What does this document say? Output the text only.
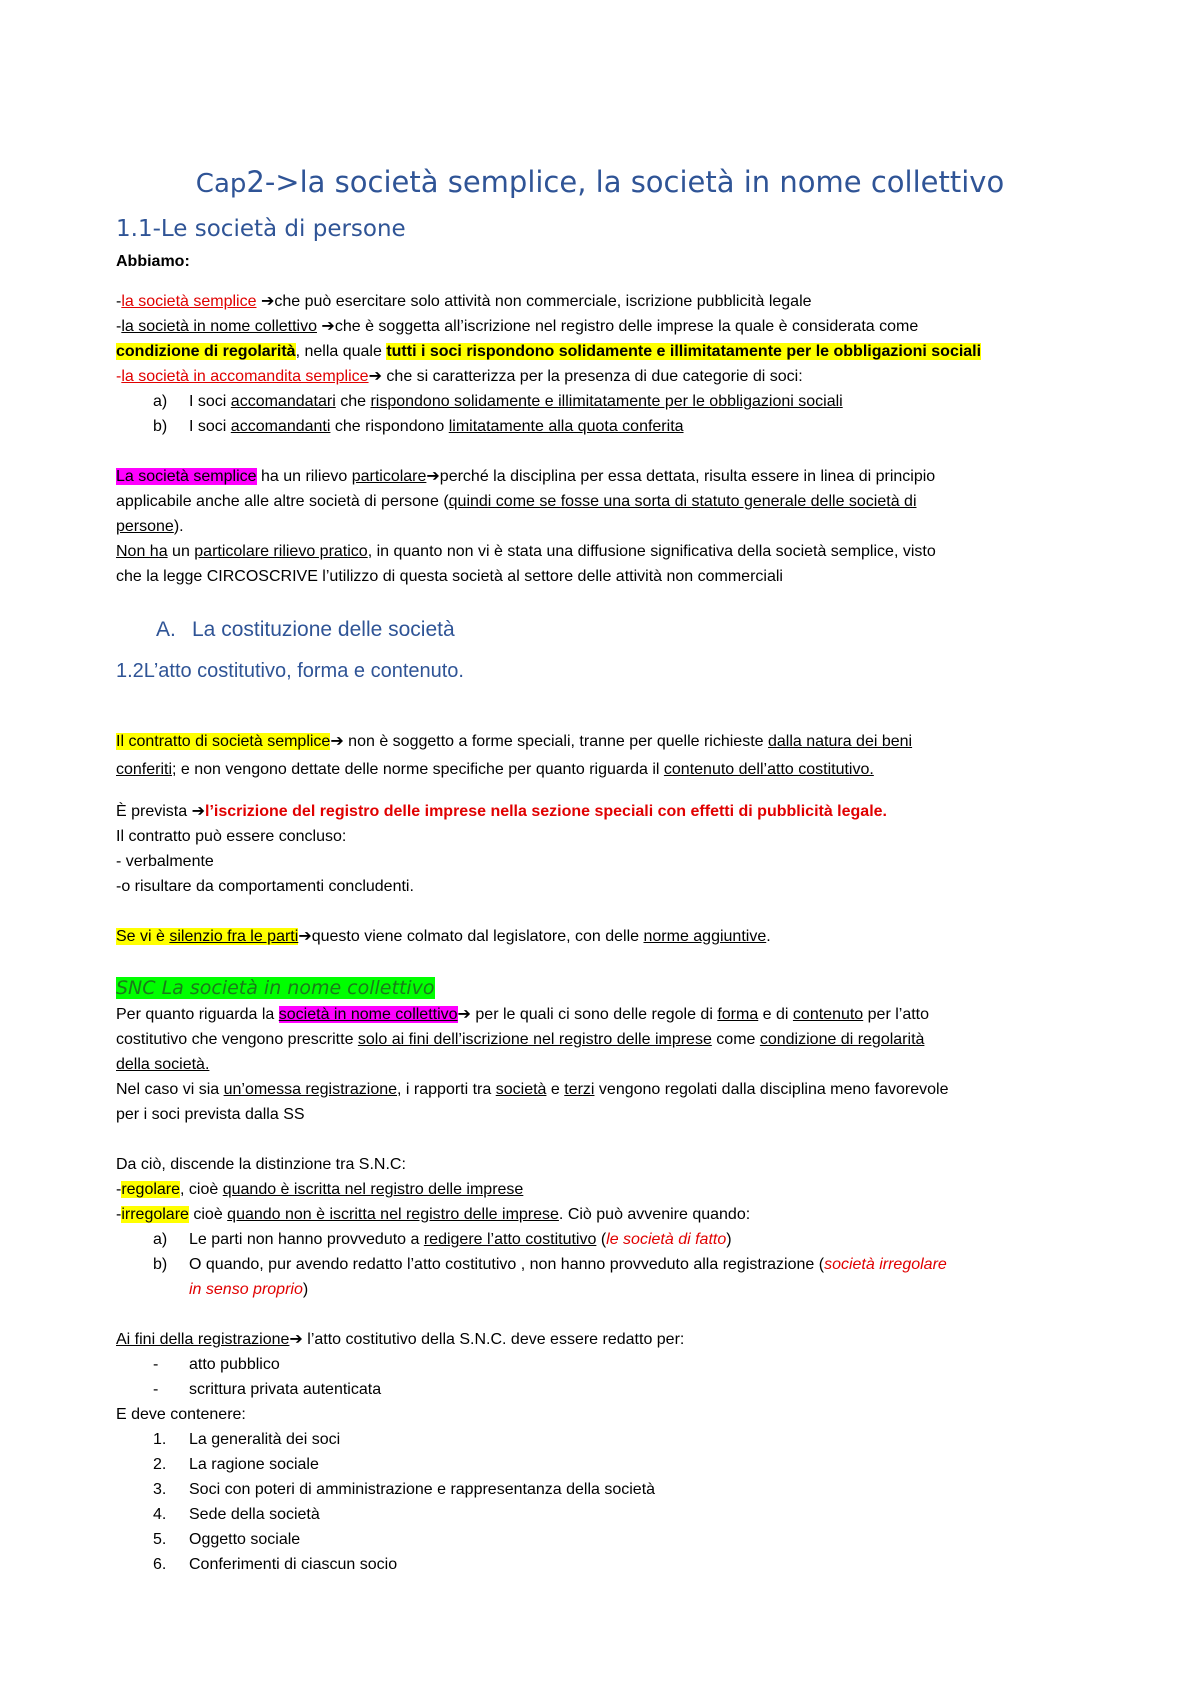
Cap2->la società semplice, la società in nome collettivo
1.1-Le società di persone
Abbiamo:
-la società semplice ➔che può esercitare solo attività non commerciale, iscrizione pubblicità legale
-la società in nome collettivo ➔che è soggetta all’iscrizione nel registro delle imprese la quale è considerata come
condizione di regolarità, nella quale tutti i soci rispondono solidamente e illimitatamente per le obbligazioni sociali
-la società in accomandita semplice➔ che si caratterizza per la presenza di due categorie di soci:
a) I soci accomandatari che rispondono solidamente e illimitatamente per le obbligazioni sociali
b) I soci accomandanti che rispondono limitatamente alla quota conferita
La società semplice ha un rilievo particolare➔perché la disciplina per essa dettata, risulta essere in linea di principio
applicabile anche alle altre società di persone (quindi come se fosse una sorta di statuto generale delle società di
persone).
Non ha un particolare rilievo pratico, in quanto non vi è stata una diffusione significativa della società semplice, visto
che la legge CIRCOSCRIVE l’utilizzo di questa società al settore delle attività non commerciali
A. La costituzione delle società
1.2L’atto costitutivo, forma e contenuto.
Il contratto di società semplice➔ non è soggetto a forme speciali, tranne per quelle richieste dalla natura dei beni
conferiti; e non vengono dettate delle norme specifiche per quanto riguarda il contenuto dell’atto costitutivo.
È prevista ➔l’iscrizione del registro delle imprese nella sezione speciali con effetti di pubblicità legale.
Il contratto può essere concluso:
- verbalmente
-o risultare da comportamenti concludenti.
Se vi è silenzio fra le parti➔questo viene colmato dal legislatore, con delle norme aggiuntive.
SNC La società in nome collettivo
Per quanto riguarda la società in nome collettivo➔ per le quali ci sono delle regole di forma e di contenuto per l’atto
costitutivo che vengono prescritte solo ai fini dell’iscrizione nel registro delle imprese come condizione di regolarità
della società.
Nel caso vi sia un’omessa registrazione, i rapporti tra società e terzi vengono regolati dalla disciplina meno favorevole
per i soci prevista dalla SS
Da ciò, discende la distinzione tra S.N.C:
-regolare, cioè quando è iscritta nel registro delle imprese
-irregolare cioè quando non è iscritta nel registro delle imprese. Ciò può avvenire quando:
a) Le parti non hanno provveduto a redigere l’atto costitutivo (le società di fatto)
b) O quando, pur avendo redatto l’atto costitutivo , non hanno provveduto alla registrazione (società irregolare
in senso proprio)
Ai fini della registrazione➔ l’atto costitutivo della S.N.C. deve essere redatto per:
- atto pubblico
- scrittura privata autenticata
E deve contenere:
1. La generalità dei soci
2. La ragione sociale
3. Soci con poteri di amministrazione e rappresentanza della società
4. Sede della società
5. Oggetto sociale
6. Conferimenti di ciascun socio
